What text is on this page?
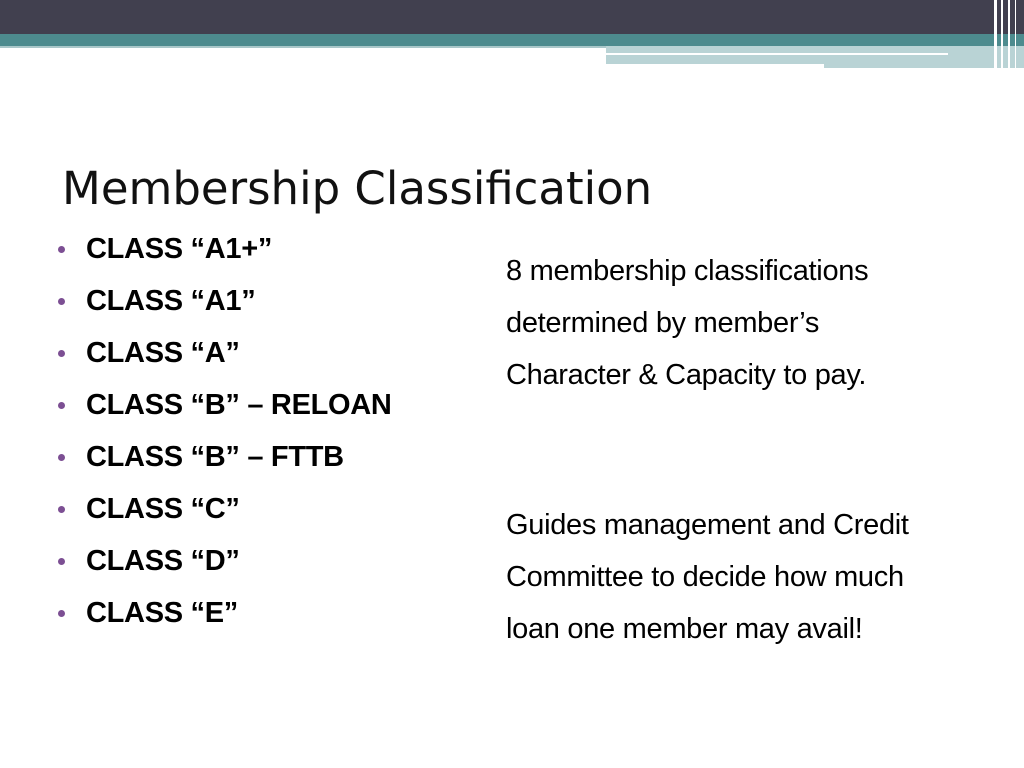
Membership Classification
CLASS “A1+”
CLASS “A1”
CLASS “A”
CLASS “B” – RELOAN
CLASS “B” – FTTB
CLASS “C”
CLASS “D”
CLASS “E”
8 membership classifications
determined by member’s
Character & Capacity to pay.
Guides management and Credit
Committee to decide how much
loan one member may avail!
